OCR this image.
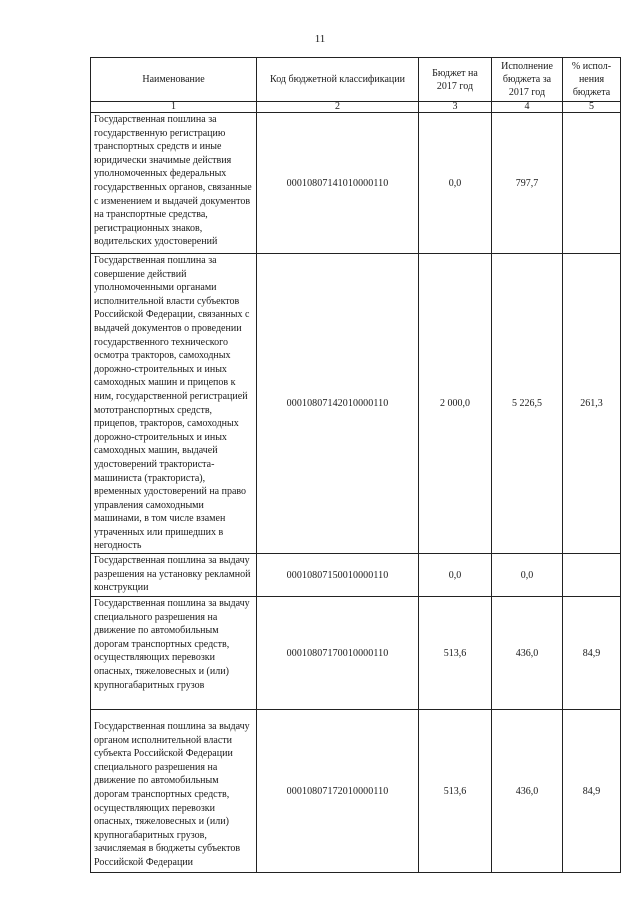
11
Наименование	Код бюджетной классификации	Бюджет на 2017 год	Исполнение бюджета за 2017 год	% испол-нения бюджета
1	2	3	4	5
Государственная пошлина за государственную регистрацию транспортных средств и иные юридически значимые действия уполномоченных федеральных государственных органов, связанные с изменением и выдачей документов на транспортные средства, регистрационных знаков, водительских удостоверений	00010807141010000110	0,0	797,7	
Государственная пошлина за совершение действий уполномоченными органами исполнительной власти субъектов Российской Федерации, связанных с выдачей документов о проведении государственного технического осмотра тракторов, самоходных дорожно-строительных и иных самоходных машин и прицепов к ним, государственной регистрацией мототранспортных средств, прицепов, тракторов, самоходных дорожно-строительных и иных самоходных машин, выдачей удостоверений тракториста-машиниста (тракториста), временных удостоверений на право управления самоходными машинами, в том числе взамен утраченных или пришедших в негодность	00010807142010000110	2 000,0	5 226,5	261,3
Государственная пошлина за выдачу разрешения на установку рекламной конструкции	00010807150010000110	0,0	0,0	
Государственная пошлина за выдачу специального разрешения на движение по автомобильным дорогам транспортных средств, осуществляющих перевозки опасных, тяжеловесных и (или) крупногабаритных грузов	00010807170010000110	513,6	436,0	84,9
Государственная пошлина за выдачу органом исполнительной власти субъекта Российской Федерации специального разрешения на движение по автомобильным дорогам транспортных средств, осуществляющих перевозки опасных, тяжеловесных и (или) крупногабаритных грузов, зачисляемая в бюджеты субъектов Российской Федерации	00010807172010000110	513,6	436,0	84,9
